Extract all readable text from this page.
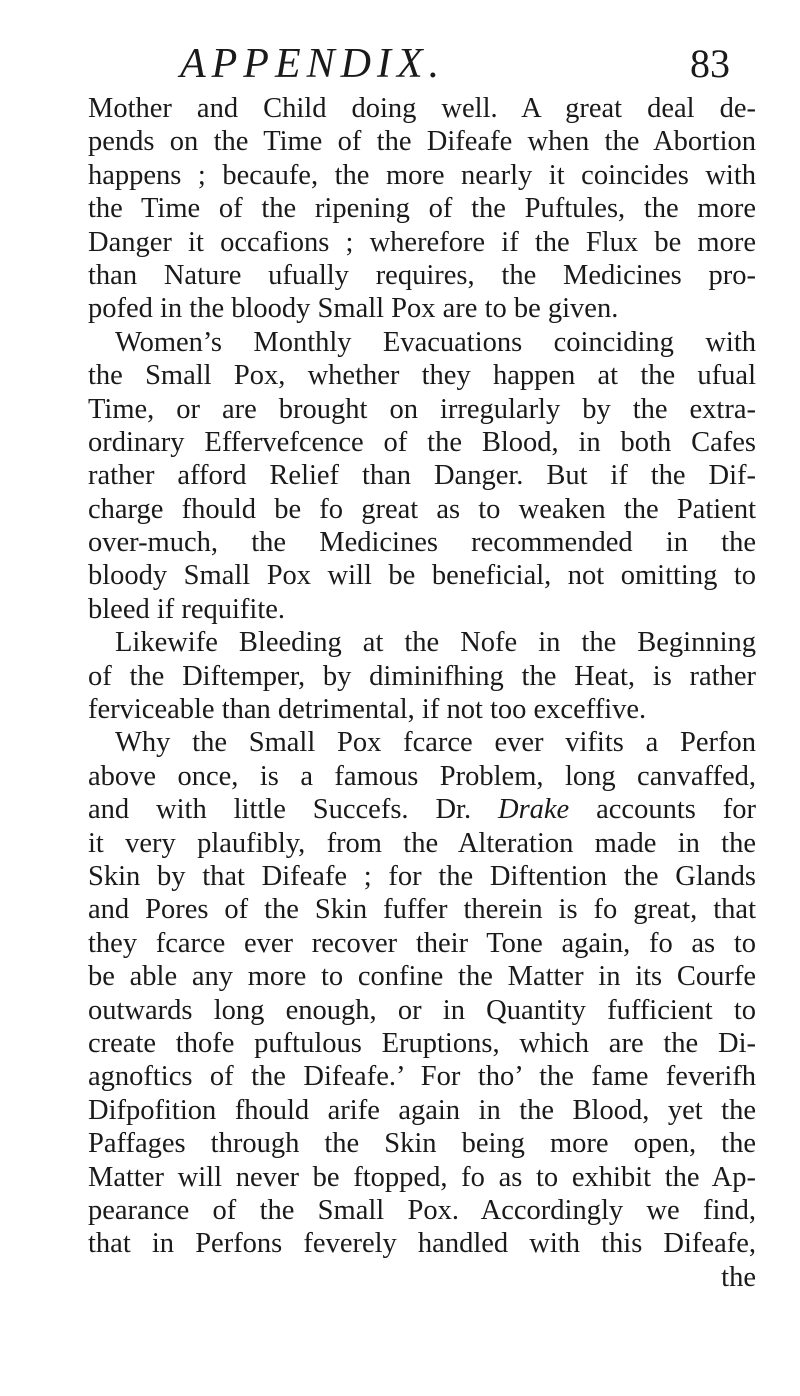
APPENDIX.	83
Mother and Child doing well. A great deal de-
pends on the Time of the Difeafe when the Abortion
happens ; becaufe, the more nearly it coincides with
the Time of the ripening of the Puftules, the more
Danger it occafions ; wherefore if the Flux be more
than Nature ufually requires, the Medicines pro-
pofed in the bloody Small Pox are to be given.
Women’s Monthly Evacuations coinciding with
the Small Pox, whether they happen at the ufual
Time, or are brought on irregularly by the extra-
ordinary Effervefcence of the Blood, in both Cafes
rather afford Relief than Danger. But if the Dif-
charge fhould be fo great as to weaken the Patient
over-much, the Medicines recommended in the
bloody Small Pox will be beneficial, not omitting to
bleed if requifite.
Likewife Bleeding at the Nofe in the Beginning
of the Diftemper, by diminifhing the Heat, is rather
ferviceable than detrimental, if not too exceffive.
Why the Small Pox fcarce ever vifits a Perfon
above once, is a famous Problem, long canvaffed,
and with little Succefs. Dr. Drake accounts for
it very plaufibly, from the Alteration made in the
Skin by that Difeafe ; for the Diftention the Glands
and Pores of the Skin fuffer therein is fo great, that
they fcarce ever recover their Tone again, fo as to
be able any more to confine the Matter in its Courfe
outwards long enough, or in Quantity fufficient to
create thofe puftulous Eruptions, which are the Di-
agnoftics of the Difeafe.’ For tho’ the fame feverifh
Difpofition fhould arife again in the Blood, yet the
Paffages through the Skin being more open, the
Matter will never be ftopped, fo as to exhibit the Ap-
pearance of the Small Pox. Accordingly we find,
that in Perfons feverely handled with this Difeafe,
the
